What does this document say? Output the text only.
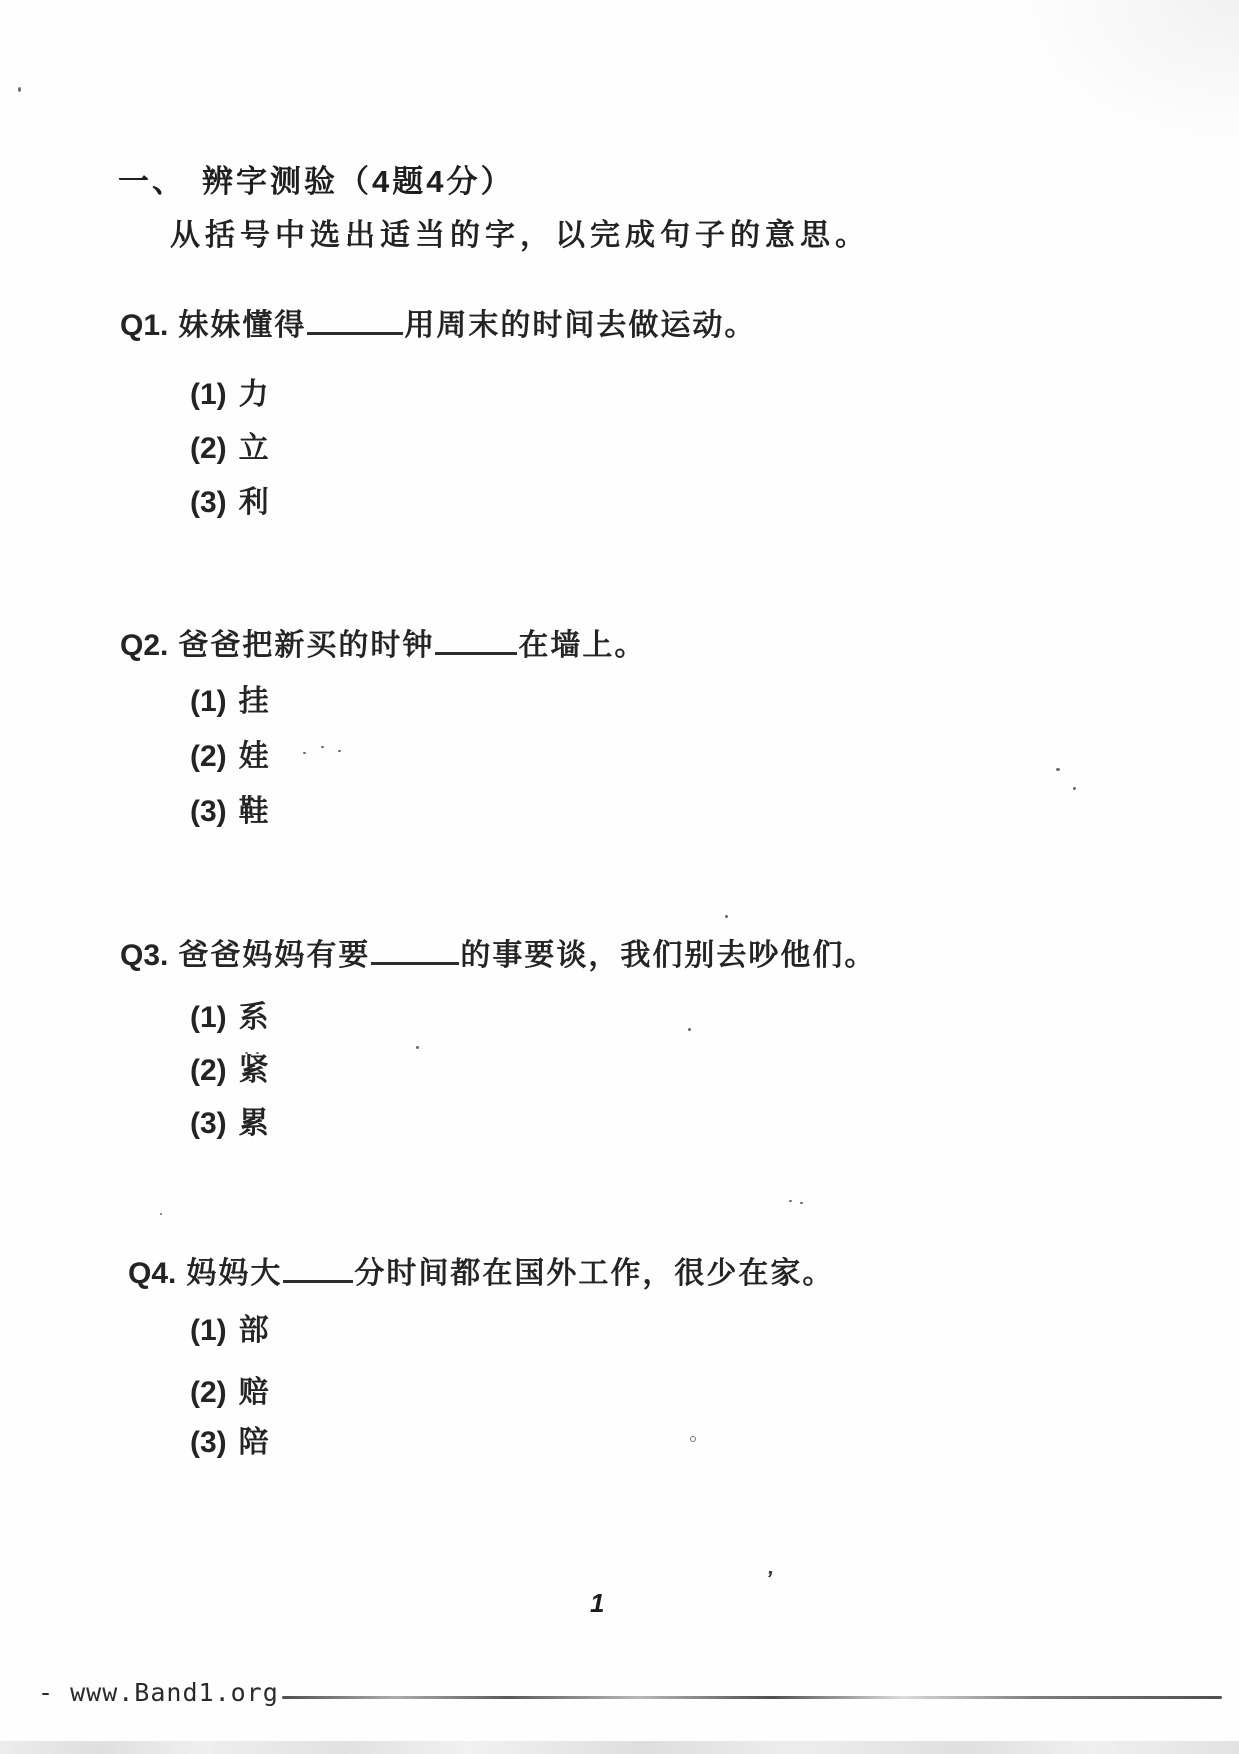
一、 辨字测验（4题4分）
从括号中选出适当的字，以完成句子的意思。
Q1. 妹妹懂得	用周末的时间去做运动。
(1) 力
(2) 立
(3) 利
Q2. 爸爸把新买的时钟	在墙上。
(1) 挂
(2) 娃
(3) 鞋
Q3. 爸爸妈妈有要	的事要谈，我们别去吵他们。
(1) 系
(2) 紧
(3) 累
Q4. 妈妈大 分时间都在国外工作，很少在家。
(1) 部
(2) 赔
(3) 陪
’
1
- www.Band1.org
